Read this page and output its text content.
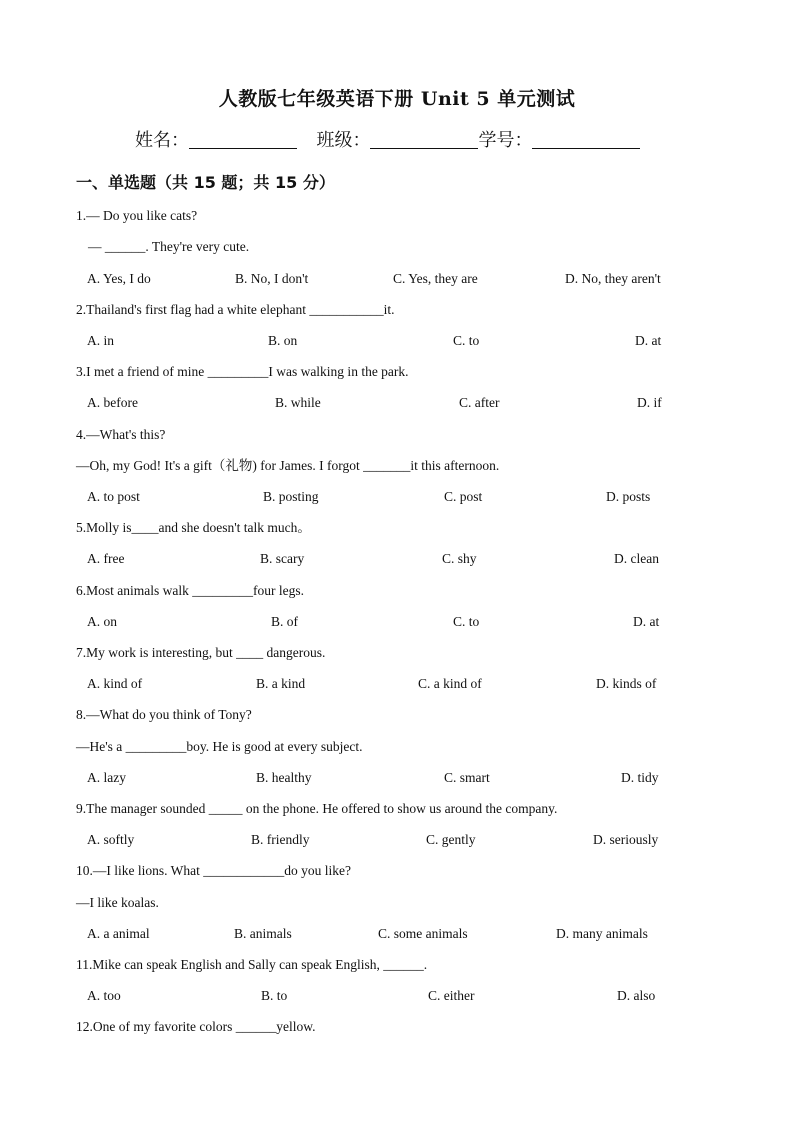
人教版七年级英语下册 Unit 5 单元测试
姓名：	班级：	学号：
一、单选题（共 15 题；共 15 分）
1.— Do you like cats?
— ______. They're very cute.
A. Yes, I do	B. No, I don't	C. Yes, they are	D. No, they aren't
2.Thailand's first flag had a white elephant ___________it.
A. in	B. on	C. to	D. at
3.I met a friend of mine _________I was walking in the park.
A. before	B. while	C. after	D. if
4.—What's this?
—Oh, my God! It's a gift（礼物) for James. I forgot _______it this afternoon.
A. to post	B. posting	C. post	D. posts
5.Molly is____and she doesn't talk much。
A. free	B. scary	C. shy	D. clean
6.Most animals walk _________four legs.
A. on	B. of	C. to	D. at
7.My work is interesting, but ____ dangerous.
A. kind of	B. a kind	C. a kind of	D. kinds of
8.—What do you think of Tony?
—He's a _________boy. He is good at every subject.
A. lazy	B. healthy	C. smart	D. tidy
9.The manager sounded _____ on the phone. He offered to show us around the company.
A. softly	B. friendly	C. gently	D. seriously
10.—I like lions. What ____________do you like?
—I like koalas.
A. a animal	B. animals	C. some animals	D. many animals
11.Mike can speak English and Sally can speak English, ______.
A. too	B. to	C. either	D. also
12.One of my favorite colors ______yellow.
